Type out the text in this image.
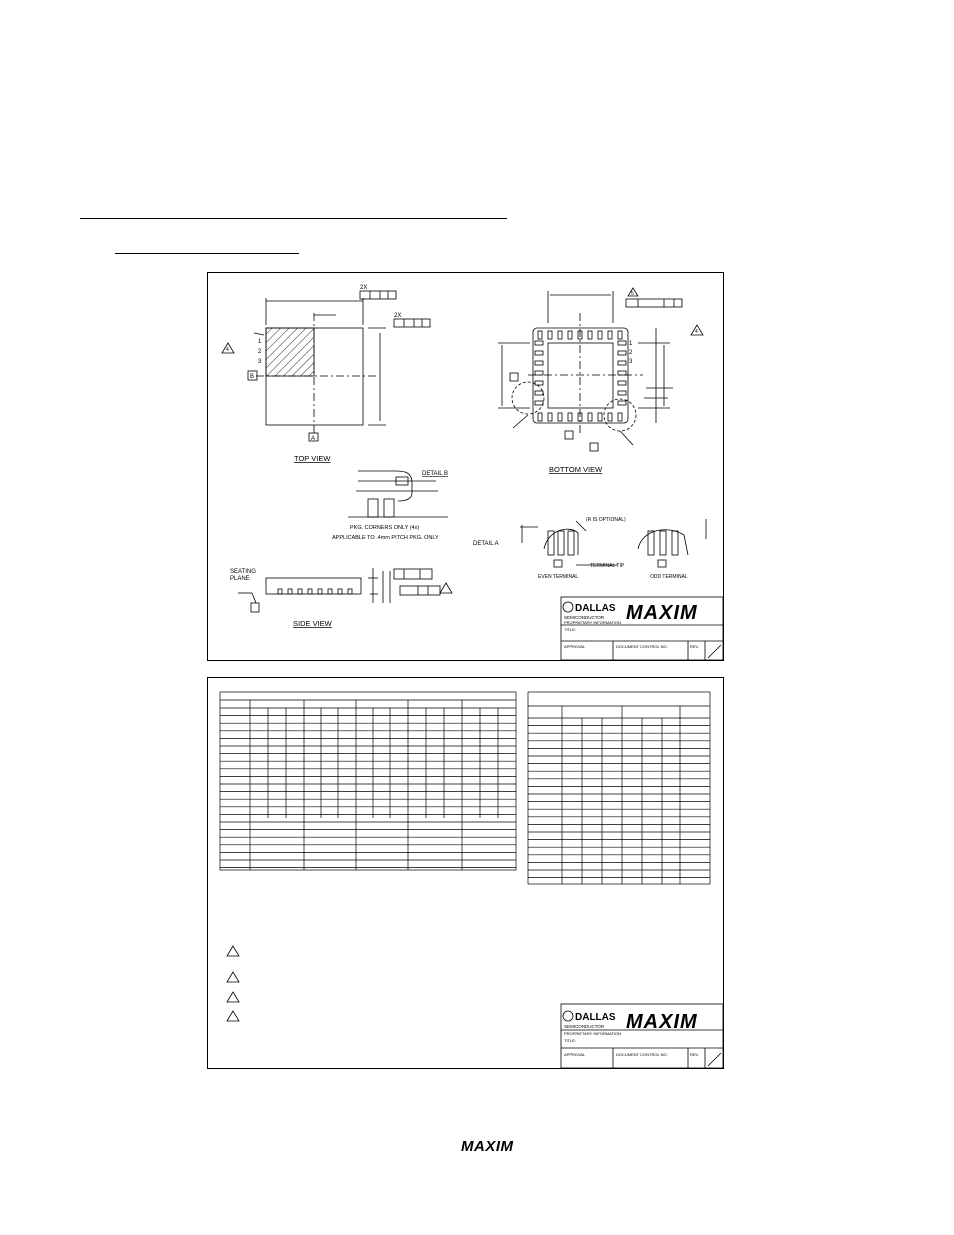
2X
2X
1
2
3
B
A
4
4
5
1
2
3
SEATING
PLANE
PKG. CORNERS ONLY (4x)
APPLICABLE TO .4mm PITCH PKG. ONLY
(R IS OPTIONAL)
TERMINAL TIP
EVEN TERMINAL	ODD TERMINAL
TOP VIEW
BOTTOM VIEW
SIDE VIEW
DETAIL B
DETAIL A
DALLAS
SEMICONDUCTOR
PROPRIETARY INFORMATION
TITLE:
APPROVAL	DOCUMENT CONTROL NO.	REV.
MAXIM
DALLAS
SEMICONDUCTOR
PROPRIETARY INFORMATION
TITLE:
APPROVAL	DOCUMENT CONTROL NO.	REV.
MAXIM
MAXIM
